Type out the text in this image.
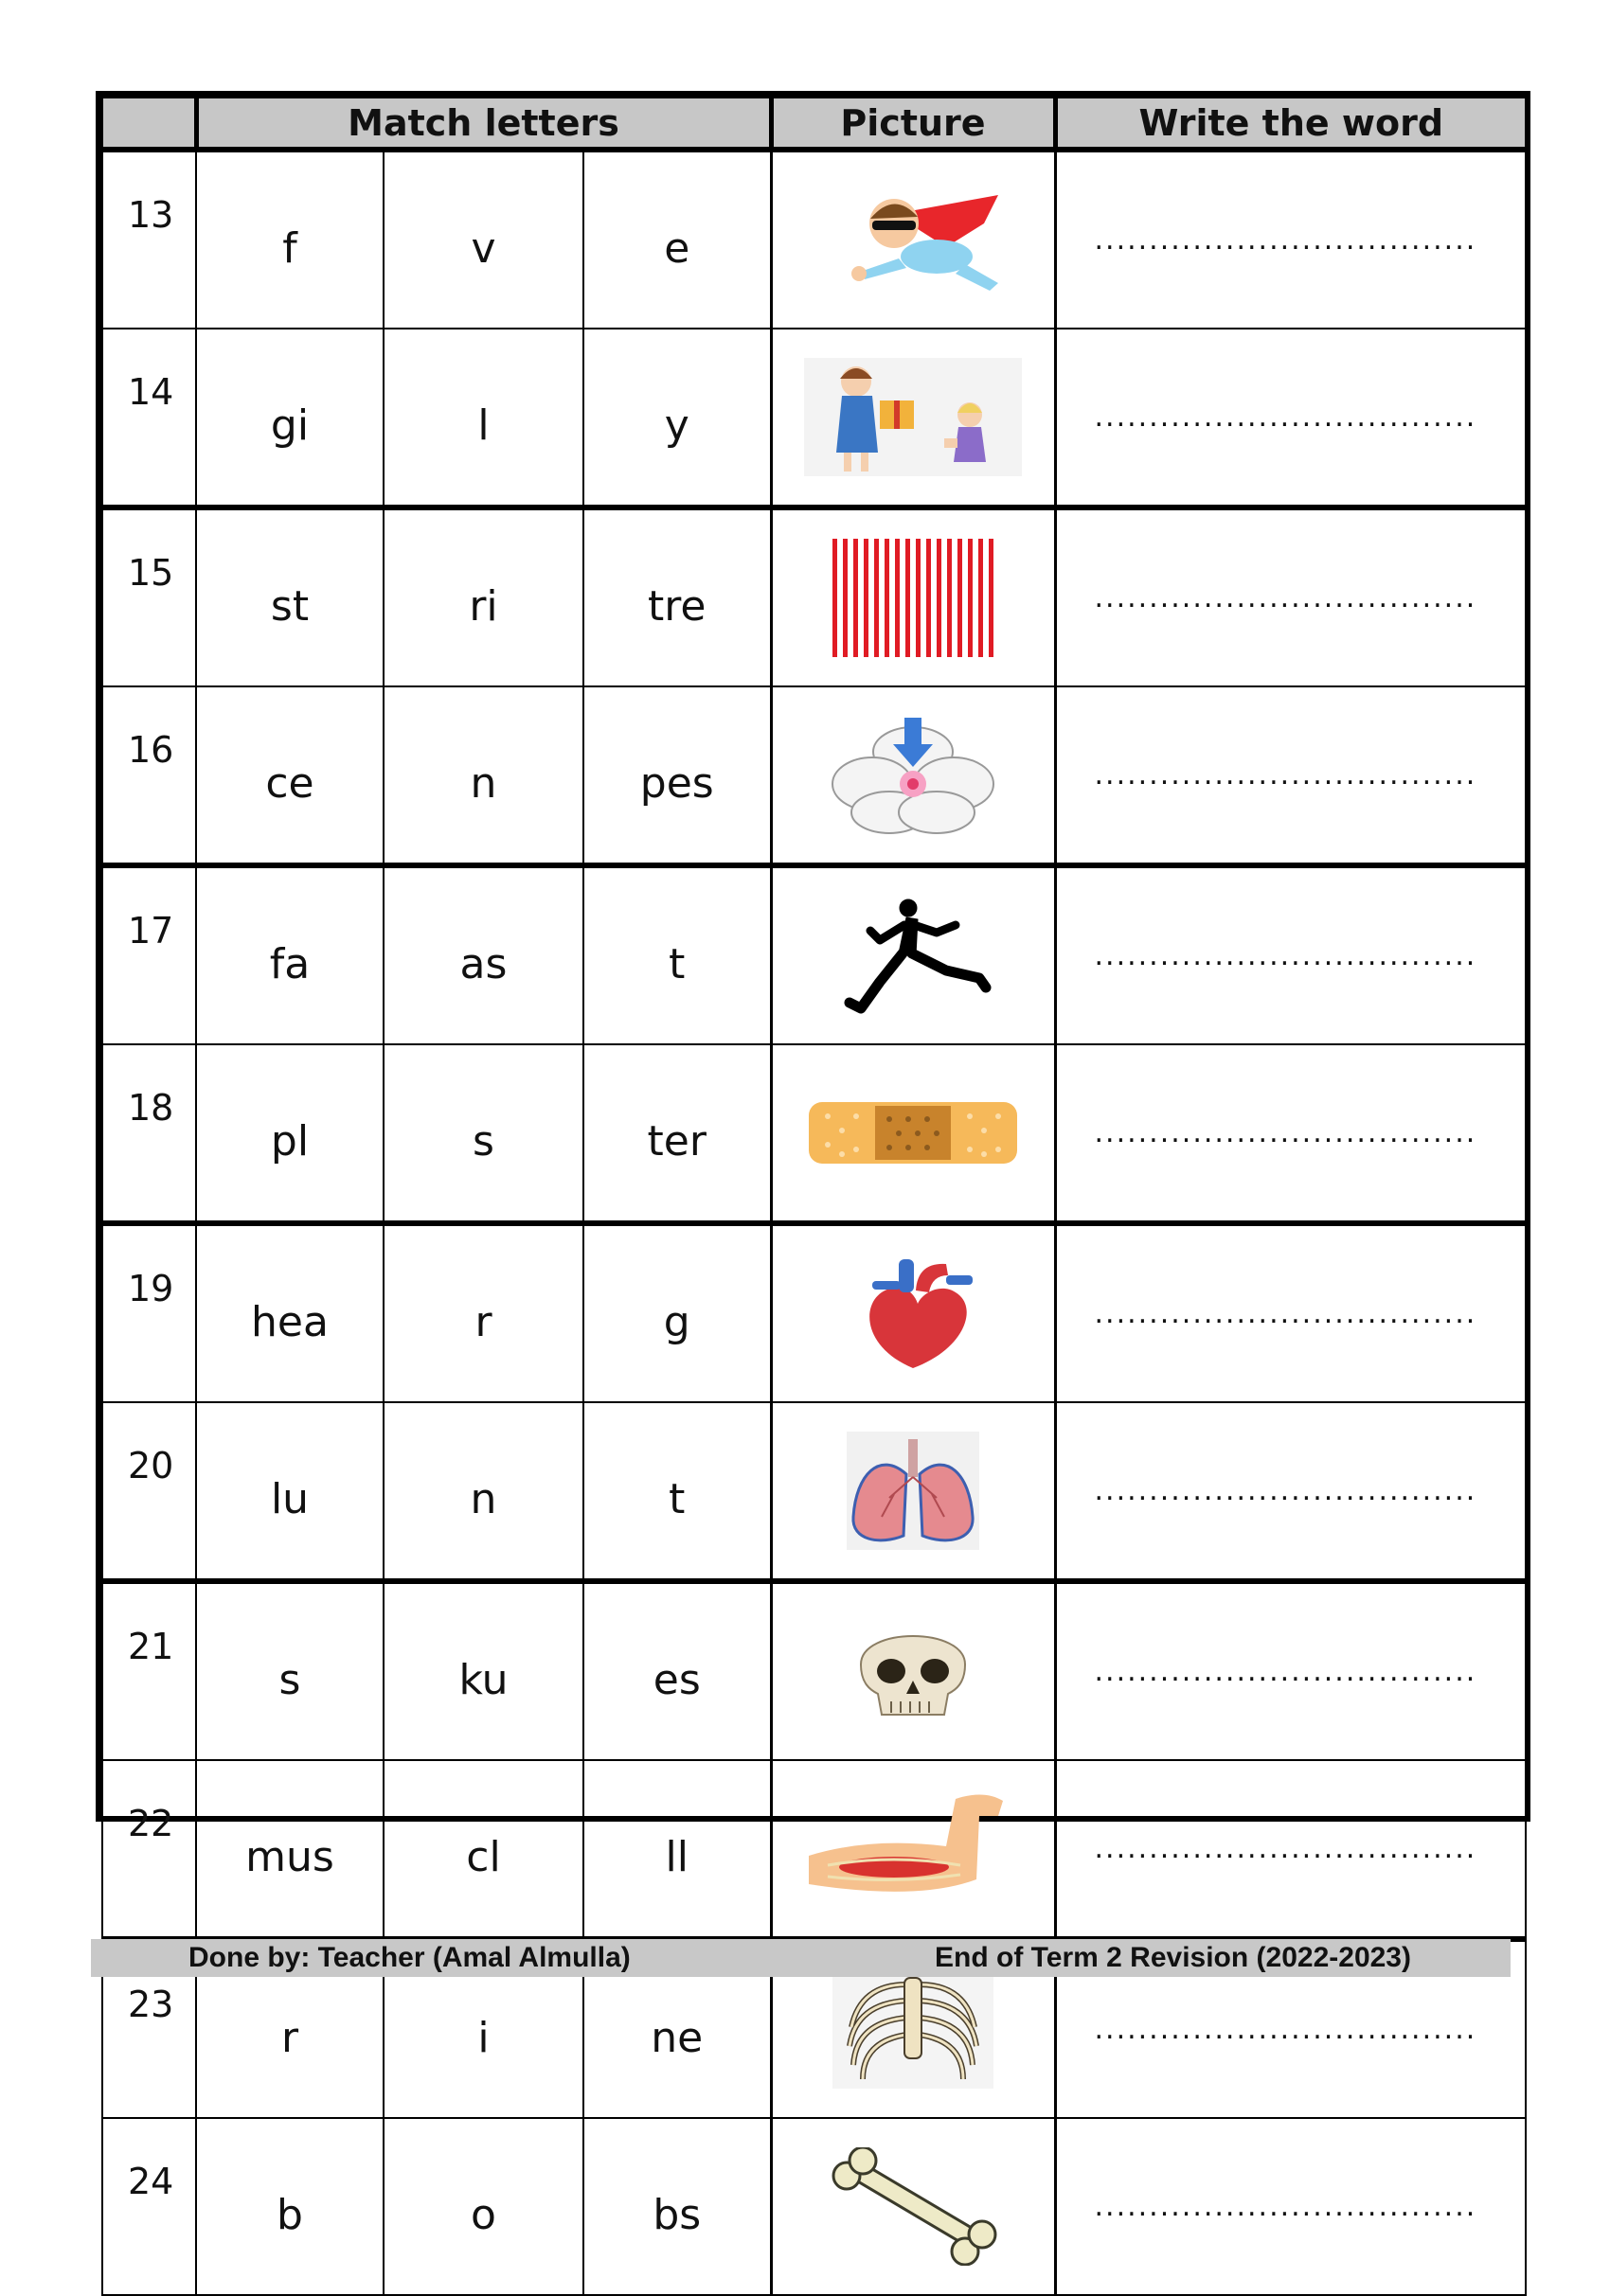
	Match letters			Picture	Write the word
13	f	v	e		...................................
14	gi	l	y		...................................
15	st	ri	tre		...................................
16	ce	n	pes		...................................
17	fa	as	t		...................................
18	pl	s	ter		...................................
19	hea	r	g		...................................
20	lu	n	t		...................................
21	s	ku	es		...................................
22	mus	cl	ll		...................................
23	r	i	ne		...................................
24	b	o	bs		...................................
Done by: Teacher (Amal Almulla)	End of Term 2 Revision (2022-2023)
